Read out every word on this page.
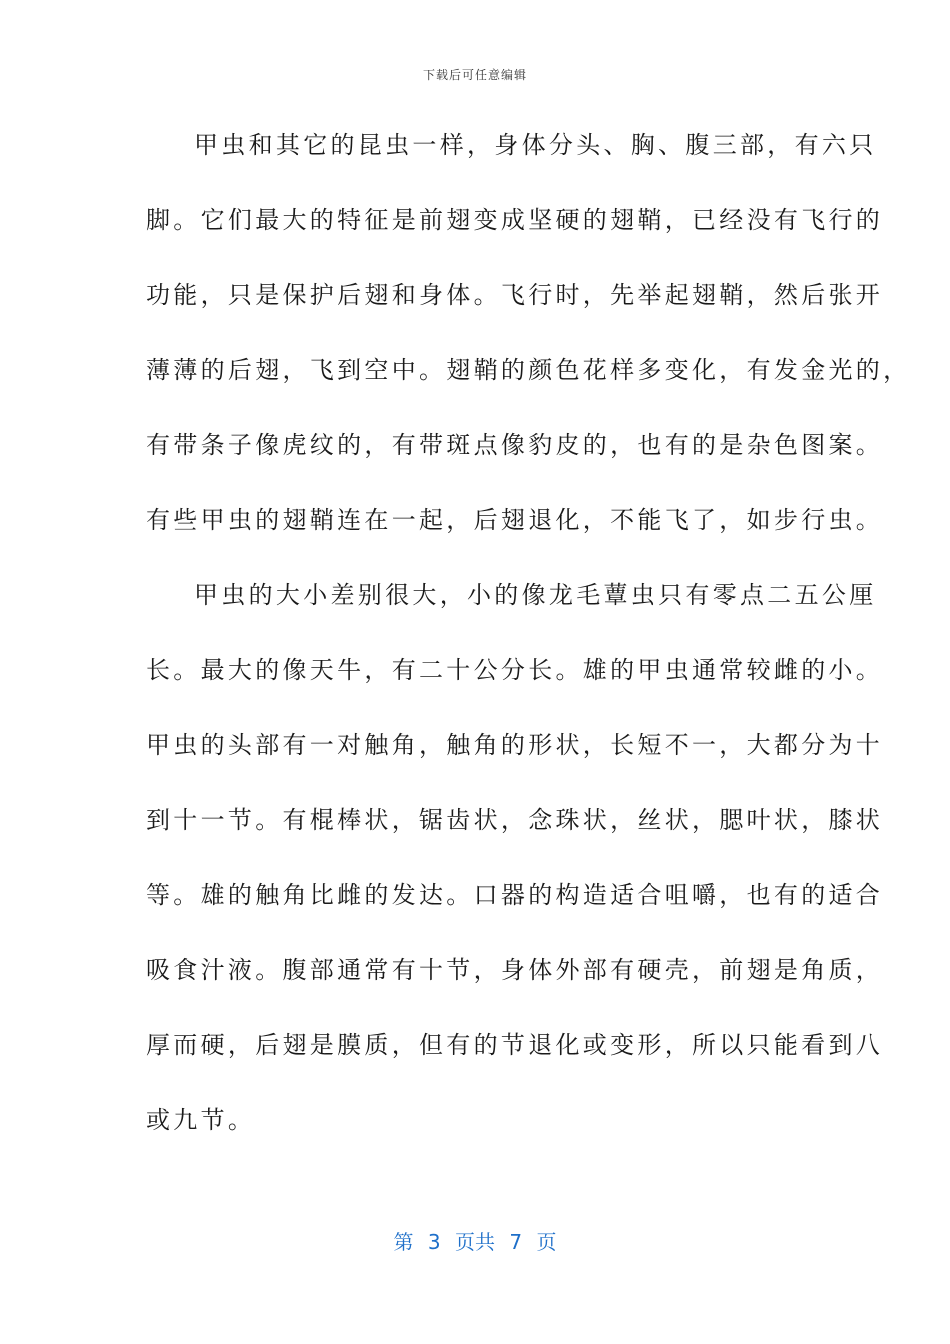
下载后可任意编辑
甲虫和其它的昆虫一样，身体分头、胸、腹三部，有六只
脚。它们最大的特征是前翅变成坚硬的翅鞘，已经没有飞行的
功能，只是保护后翅和身体。飞行时，先举起翅鞘，然后张开
薄薄的后翅，飞到空中。翅鞘的颜色花样多变化，有发金光的，
有带条子像虎纹的，有带斑点像豹皮的，也有的是杂色图案。
有些甲虫的翅鞘连在一起，后翅退化，不能飞了，如步行虫。
甲虫的大小差别很大，小的像龙毛蕈虫只有零点二五公厘
长。最大的像天牛，有二十公分长。雄的甲虫通常较雌的小。
甲虫的头部有一对触角，触角的形状，长短不一，大都分为十
到十一节。有棍棒状，锯齿状，念珠状，丝状，腮叶状，膝状
等。雄的触角比雌的发达。口器的构造适合咀嚼，也有的适合
吸食汁液。腹部通常有十节，身体外部有硬壳，前翅是角质，
厚而硬，后翅是膜质，但有的节退化或变形，所以只能看到八
或九节。
第 3 页共 7 页
